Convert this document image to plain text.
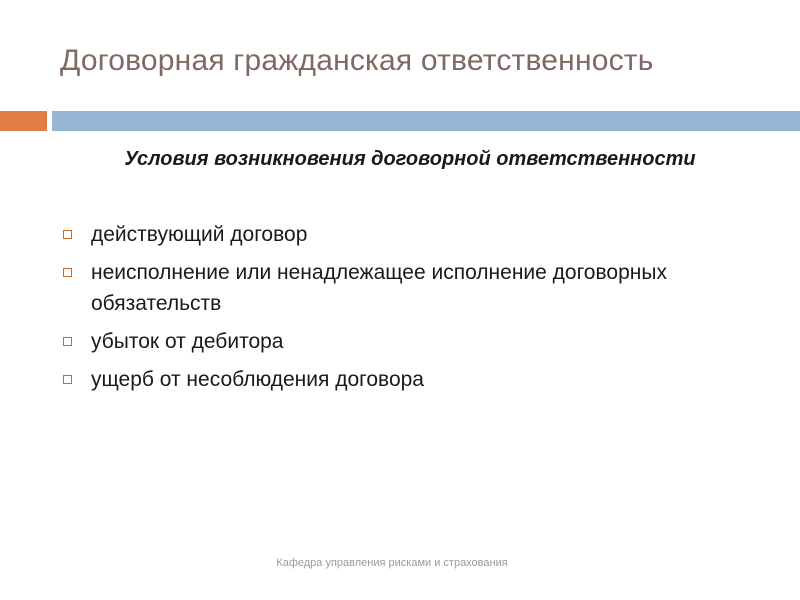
Договорная гражданская ответственность
Условия возникновения договорной ответственности
действующий договор
неисполнение или ненадлежащее исполнение договорных обязательств
убыток от дебитора
ущерб от несоблюдения договора
Кафедра управления рисками и страхования
